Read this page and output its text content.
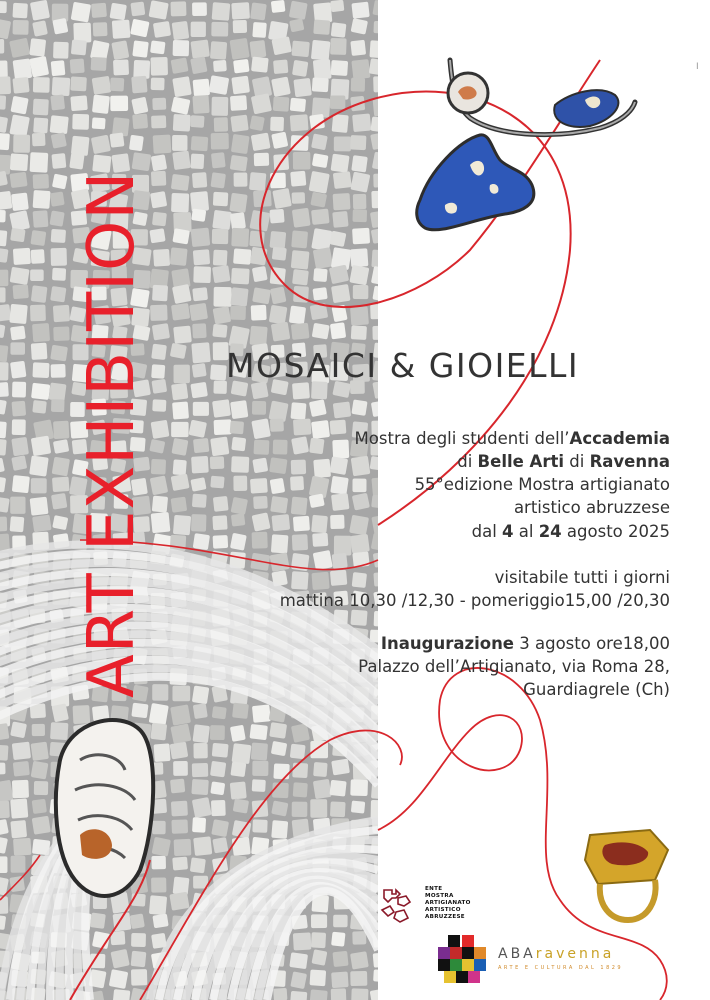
ART EXHIBITION MOSAICI & GIOIELLI
Mostra degli studenti dell’Accademia
di Belle Arti di Ravenna
55°edizione Mostra artigianato
artistico abruzzese
dal 4 al 24 agosto 2025
visitabile tutti i giorni
mattina 10,30 /12,30 - pomeriggio15,00 /20,30
Inaugurazione 3 agosto ore18,00
Palazzo dell’Artigianato, via Roma 28,
Guardiagrele (Ch)
I
ENTE
MOSTRA
ARTIGIANATO
ARTISTICO
ABRUZZESE
ABAravenna
ARTE E CULTURA DAL 1829
